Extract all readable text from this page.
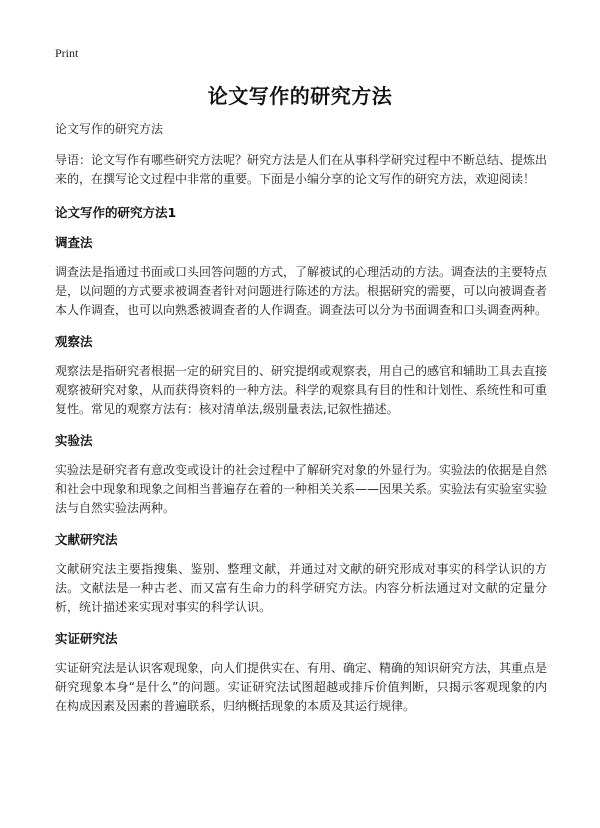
Print
论文写作的研究方法
论文写作的研究方法

导语：论文写作有哪些研究方法呢？研究方法是人们在从事科学研究过程中不断总结、提炼出来的，在撰写论文过程中非常的重要。下面是小编分享的论文写作的研究方法，欢迎阅读！

论文写作的研究方法1
调查法

调查法是指通过书面或口头回答问题的方式，了解被试的心理活动的方法。调查法的主要特点是，以问题的方式要求被调查者针对问题进行陈述的方法。根据研究的需要，可以向被调查者本人作调查，也可以向熟悉被调查者的人作调查。调查法可以分为书面调查和口头调查两种。

观察法

观察法是指研究者根据一定的研究目的、研究提纲或观察表，用自己的感官和辅助工具去直接观察被研究对象，从而获得资料的一种方法。科学的观察具有目的性和计划性、系统性和可重复性。常见的观察方法有：核对清单法,级别量表法,记叙性描述。

实验法

实验法是研究者有意改变或设计的社会过程中了解研究对象的外显行为。实验法的依据是自然和社会中现象和现象之间相当普遍存在着的一种相关关系——因果关系。实验法有实验室实验法与自然实验法两种。

文献研究法

文献研究法主要指搜集、鉴别、整理文献，并通过对文献的研究形成对事实的科学认识的方法。文献法是一种古老、而又富有生命力的科学研究方法。内容分析法通过对文献的定量分析，统计描述来实现对事实的科学认识。

实证研究法

实证研究法是认识客观现象，向人们提供实在、有用、确定、精确的知识研究方法，其重点是研究现象本身“是什么”的问题。实证研究法试图超越或排斥价值判断，只揭示客观现象的内在构成因素及因素的普遍联系，归纳概括现象的本质及其运行规律。
